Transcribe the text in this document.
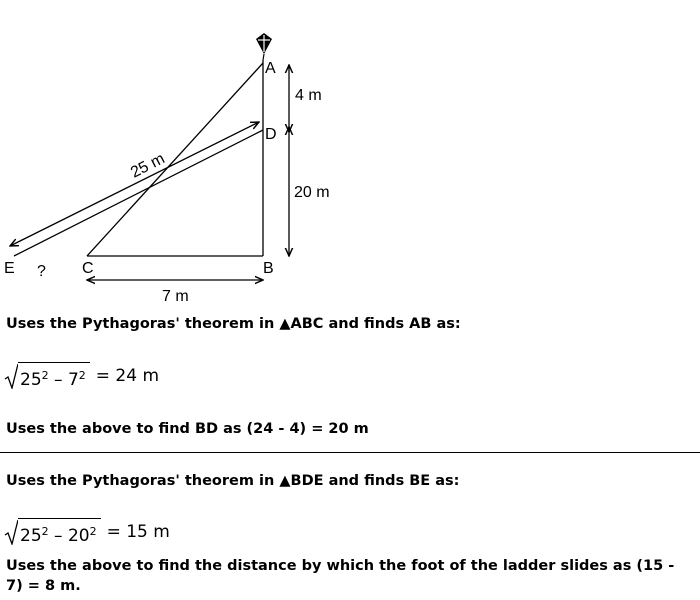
A
D
B
C
E ?
4 m
20 m
7 m
25 m
Uses the Pythagoras' theorem in ▲ABC and finds AB as:
$25^2 - 7^2 = 24$ m
Uses the above to find BD as (24 - 4) = 20 m
Uses the Pythagoras' theorem in ▲BDE and finds BE as:
$25^2 - 20^2 = 15$ m
Uses the above to find the distance by which the foot of the ladder slides as (15 - 7) = 8 m.
